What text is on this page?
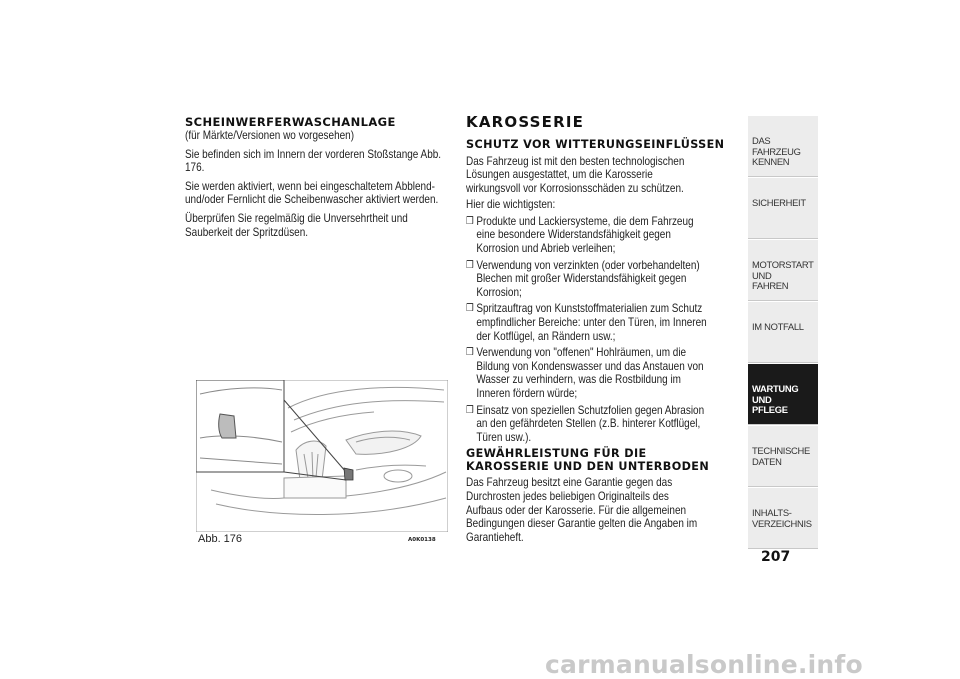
SCHEINWERFERWASCHANLAGE

(für Märkte/Versionen wo vorgesehen)

Sie befinden sich im Innern der vorderen Stoßstange Abb. 176.

Sie werden aktiviert, wenn bei eingeschaltetem Abblend- und/oder Fernlicht die Scheibenwascher aktiviert werden.

Überprüfen Sie regelmäßig die Unversehrtheit und Sauberkeit der Spritzdüsen.

Abb. 176	A0K0138
KAROSSERIE
SCHUTZ VOR WITTERUNGSEINFLÜSSEN

Das Fahrzeug ist mit den besten technologischen Lösungen ausgestattet, um die Karosserie wirkungsvoll vor Korrosionsschäden zu schützen.

Hier die wichtigsten:

❒ Produkte und Lackiersysteme, die dem Fahrzeug eine besondere Widerstandsfähigkeit gegen Korrosion und Abrieb verleihen;
❒ Verwendung von verzinkten (oder vorbehandelten) Blechen mit großer Widerstandsfähigkeit gegen Korrosion;
❒ Spritzauftrag von Kunststoffmaterialien zum Schutz empfindlicher Bereiche: unter den Türen, im Inneren der Kotflügel, an Rändern usw.;
❒ Verwendung von "offenen" Hohlräumen, um die Bildung von Kondenswasser und das Anstauen von Wasser zu verhindern, was die Rostbildung im Inneren fördern würde;
❒ Einsatz von speziellen Schutzfolien gegen Abrasion an den gefährdeten Stellen (z.B. hinterer Kotflügel, Türen usw.).
GEWÄHRLEISTUNG FÜR DIE
KAROSSERIE UND DEN UNTERBODEN

Das Fahrzeug besitzt eine Garantie gegen das Durchrosten jedes beliebigen Originalteils des Aufbaus oder der Karosserie. Für die allgemeinen Bedingungen dieser Garantie gelten die Angaben im Garantieheft.

DAS FAHRZEUG
KENNEN
SICHERHEIT
MOTORSTART UND
FAHREN
IM NOTFALL
WARTUNG UND
PFLEGE
TECHNISCHE DATEN
INHALTS-
VERZEICHNIS
207
carmanualsonline.info
